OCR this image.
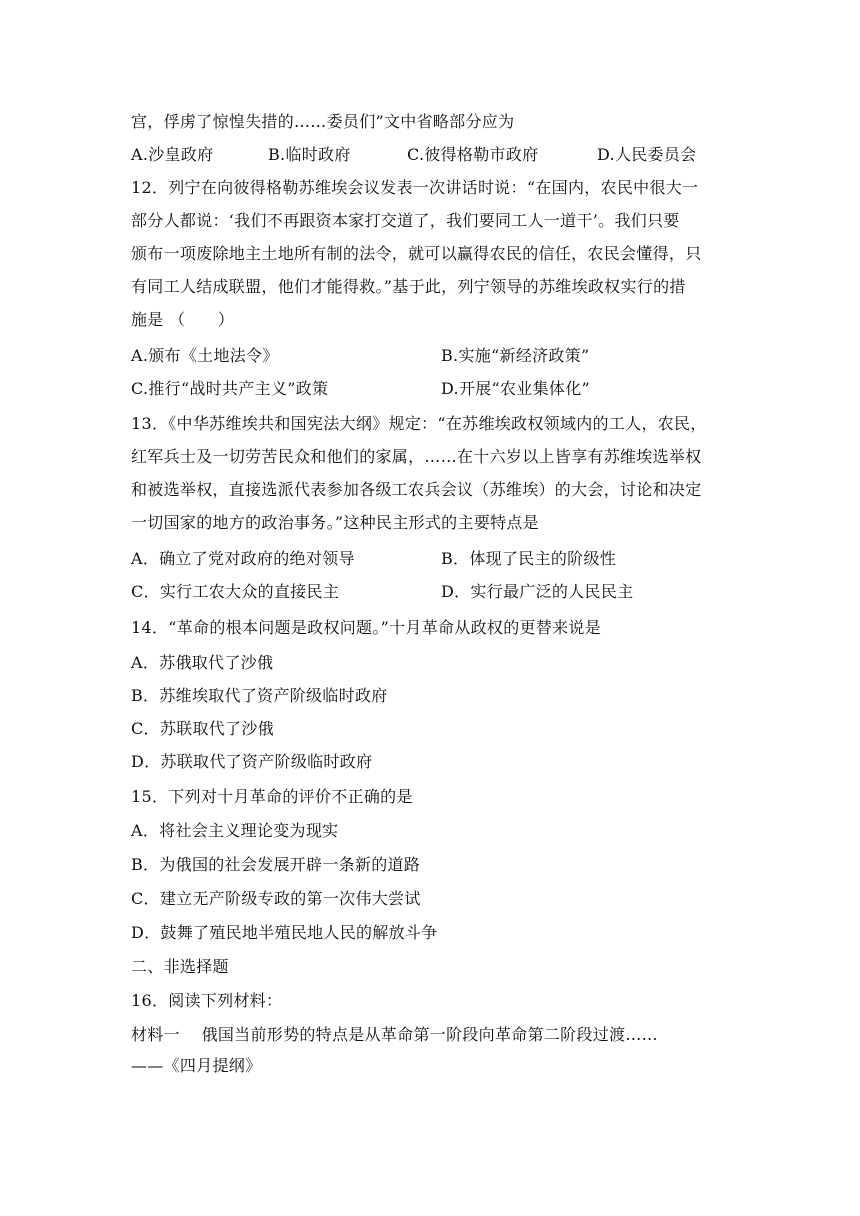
宫，俘虏了惊惶失措的……委员们”文中省略部分应为
A.沙皇政府	B.临时政府	C.彼得格勒市政府	D.人民委员会
12．列宁在向彼得格勒苏维埃会议发表一次讲话时说：“在国内，农民中很大一
部分人都说：‘我们不再跟资本家打交道了，我们要同工人一道干’。我们只要
颁布一项废除地主土地所有制的法令，就可以赢得农民的信任，农民会懂得，只
有同工人结成联盟，他们才能得救。”基于此，列宁领导的苏维埃政权实行的措
施是 （　　）
A.颁布《土地法令》	B.实施“新经济政策”
C.推行“战时共产主义”政策	D.开展“农业集体化”
13．《中华苏维埃共和国宪法大纲》规定：“在苏维埃政权领域内的工人，农民，
红军兵士及一切劳苦民众和他们的家属，……在十六岁以上皆享有苏维埃选举权
和被选举权，直接选派代表参加各级工农兵会议（苏维埃）的大会，讨论和决定
一切国家的地方的政治事务。”这种民主形式的主要特点是
A．确立了党对政府的绝对领导	B．体现了民主的阶级性
C．实行工农大众的直接民主	D．实行最广泛的人民民主
14．“革命的根本问题是政权问题。”十月革命从政权的更替来说是
A．苏俄取代了沙俄
B．苏维埃取代了资产阶级临时政府
C．苏联取代了沙俄
D．苏联取代了资产阶级临时政府
15．下列对十月革命的评价不正确的是
A．将社会主义理论变为现实
B．为俄国的社会发展开辟一条新的道路
C．建立无产阶级专政的第一次伟大尝试
D．鼓舞了殖民地半殖民地人民的解放斗争
二、非选择题
16．阅读下列材料：
材料一　 俄国当前形势的特点是从革命第一阶段向革命第二阶段过渡……
——《四月提纲》
